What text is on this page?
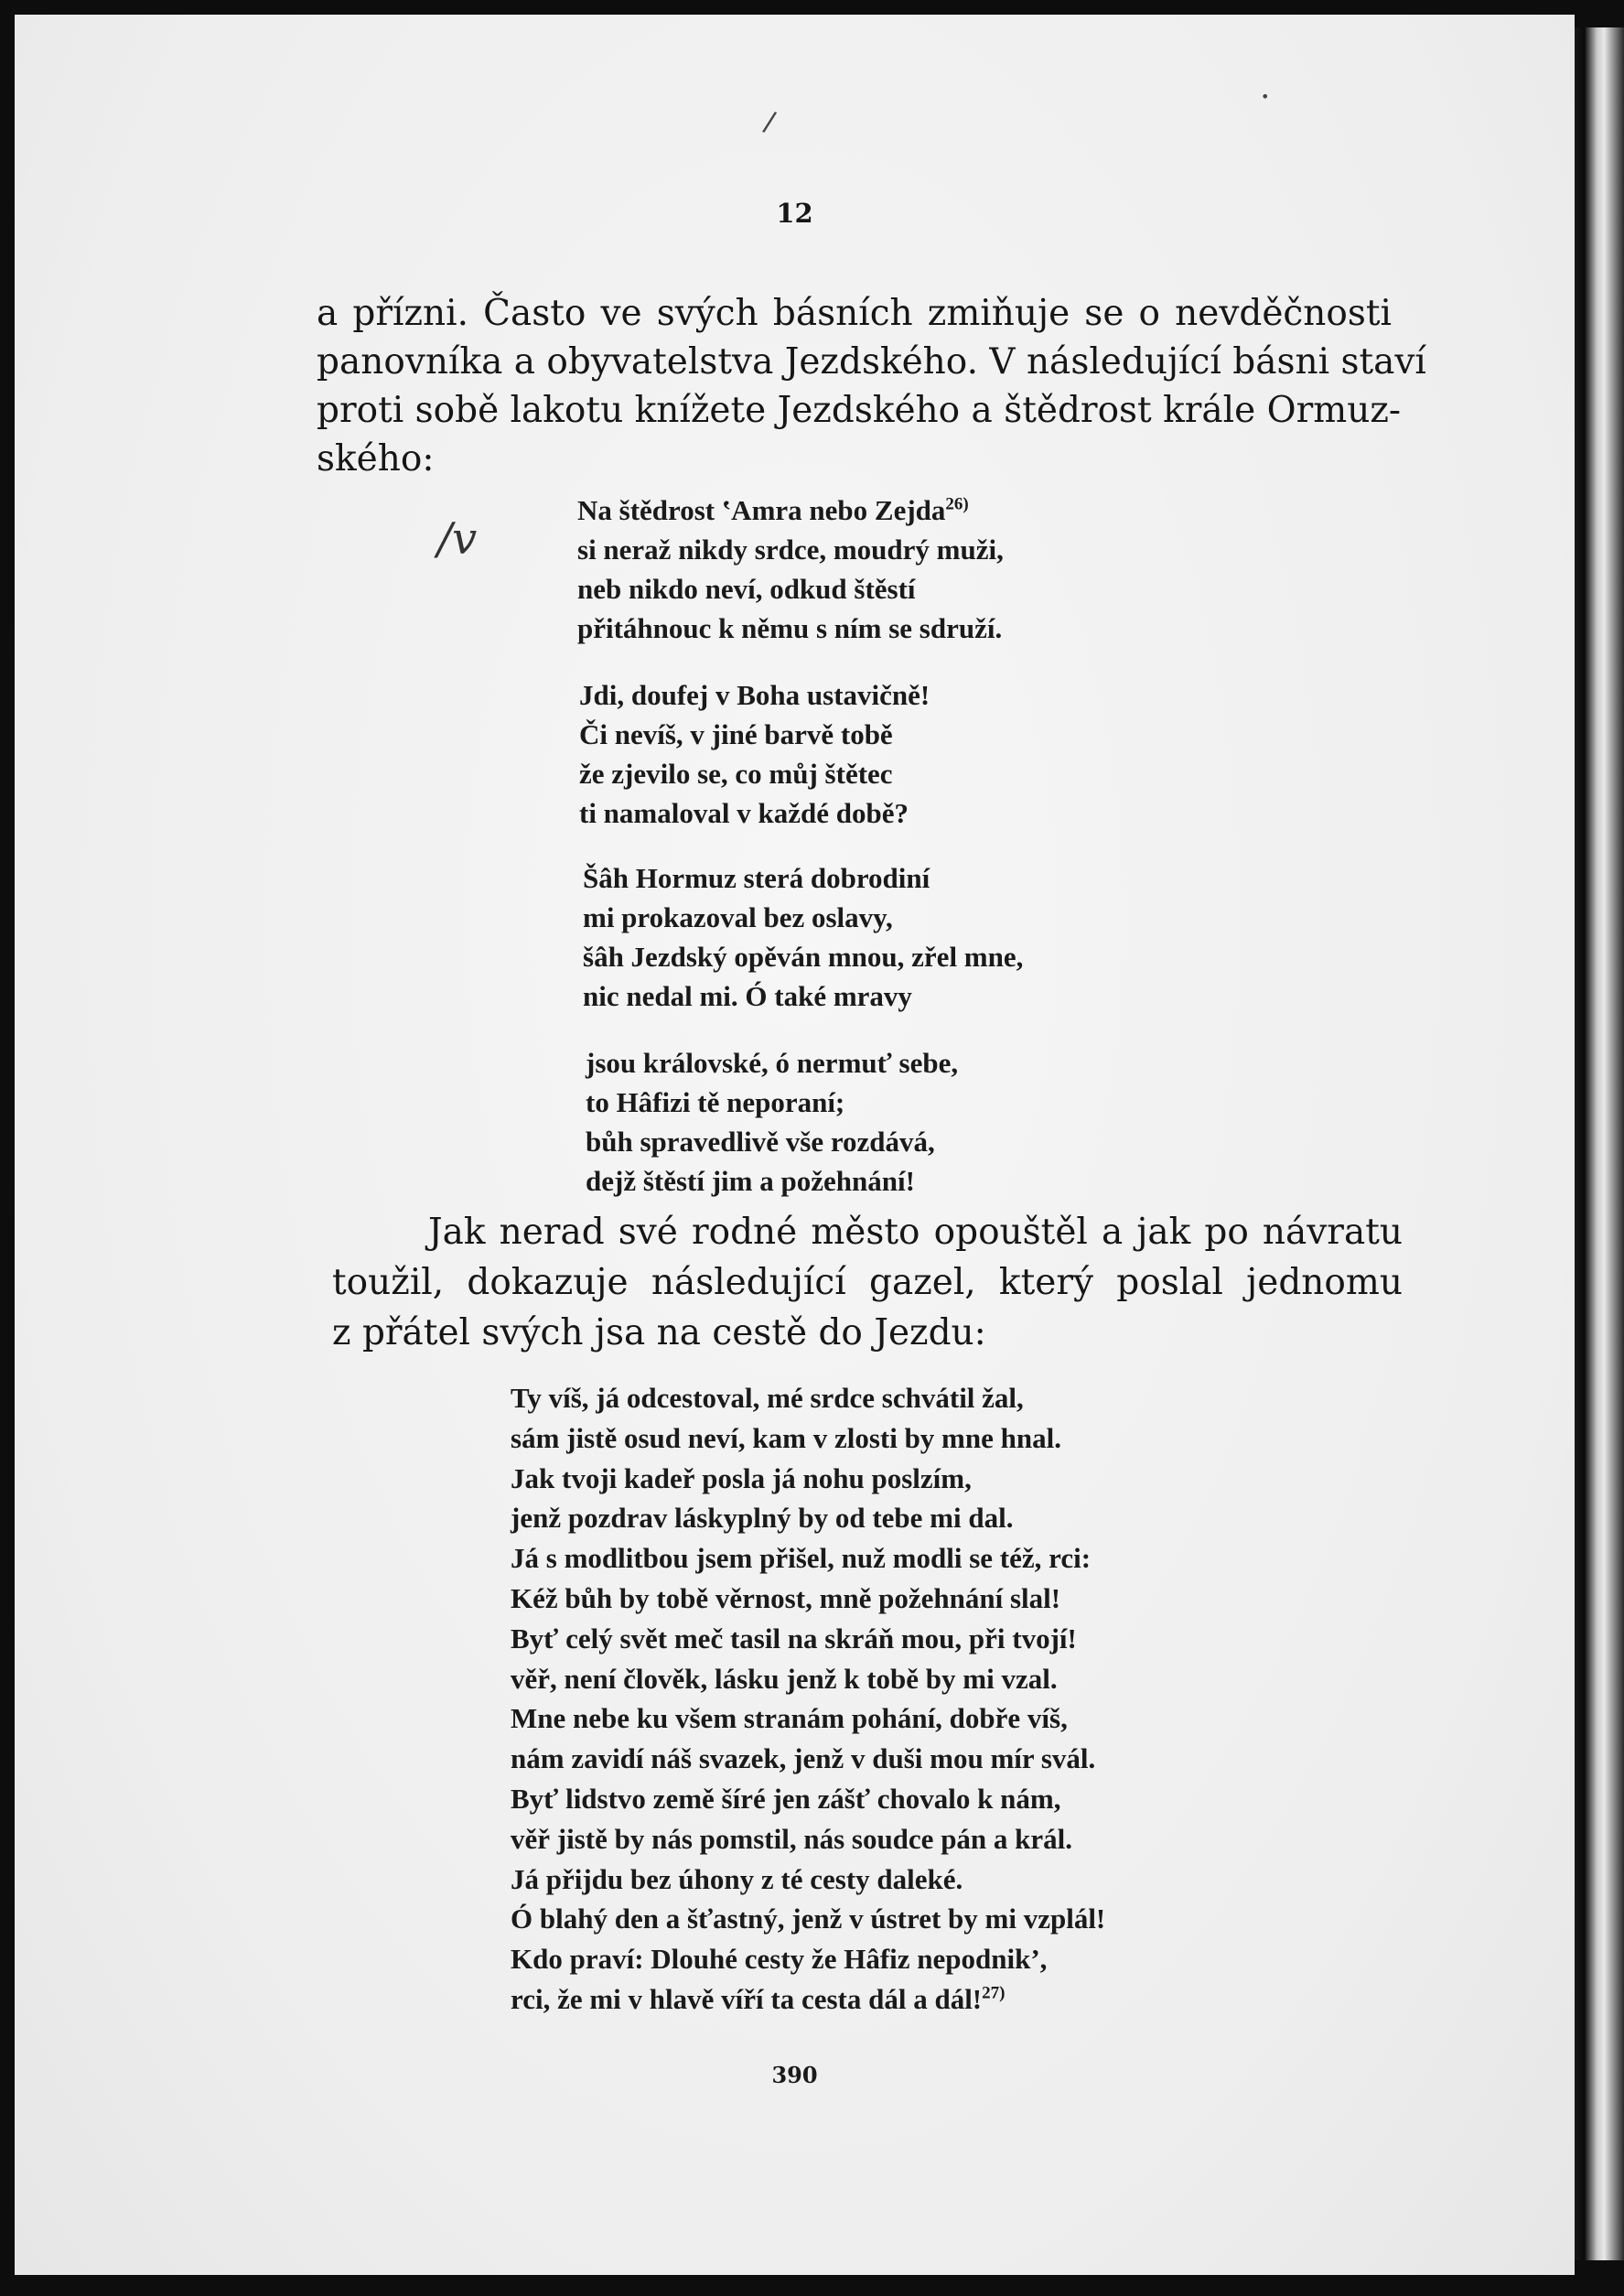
/
•

12

a přízni. Často ve svých básních zmiňuje se o nevděčnosti
panovníka a obyvatelstva Jezdského. V následující básni staví
proti sobě lakotu knížete Jezdského a štědrost krále Ormuz-
ského:

/v
Na štědrost ʽAmra nebo Zejda$^{26)}$
si neraž nikdy srdce, moudrý muži,
neb nikdo neví, odkud štěstí
přitáhnouc k němu s ním se sdruží.
Jdi, doufej v Boha ustavičně!
Či nevíš, v jiné barvě tobě
že zjevilo se, co můj štětec
ti namaloval v každé době?
Šâh Hormuz sterá dobrodiní
mi prokazoval bez oslavy,
šâh Jezdský opěván mnou, zřel mne,
nic nedal mi. Ó také mravy
jsou královské, ó nermuť sebe,
to Hâfizi tě neporaní;
bůh spravedlivě vše rozdává,
dejž štěstí jim a požehnání!

Jak nerad své rodné město opouštěl a jak po návratu
toužil, dokazuje následující gazel, který poslal jednomu
z přátel svých jsa na cestě do Jezdu:

Ty víš, já odcestoval, mé srdce schvátil žal,
sám jistě osud neví, kam v zlosti by mne hnal.
Jak tvoji kadeř posla já nohu poslzím,
jenž pozdrav láskyplný by od tebe mi dal.
Já s modlitbou jsem přišel, nuž modli se též, rci:
Kéž bůh by tobě věrnost, mně požehnání slal!
Byť celý svět meč tasil na skráň mou, při tvojí!
věř, není člověk, lásku jenž k tobě by mi vzal.
Mne nebe ku všem stranám pohání, dobře víš,
nám zavidí náš svazek, jenž v duši mou mír svál.
Byť lidstvo země šíré jen zášť chovalo k nám,
věř jistě by nás pomstil, nás soudce pán a král.
Já přijdu bez úhony z té cesty daleké.
Ó blahý den a šťastný, jenž v ústret by mi vzplál!
Kdo praví: Dlouhé cesty že Hâfiz nepodnik’,
rci, že mi v hlavě víří ta cesta dál a dál!$^{27)}$

390
